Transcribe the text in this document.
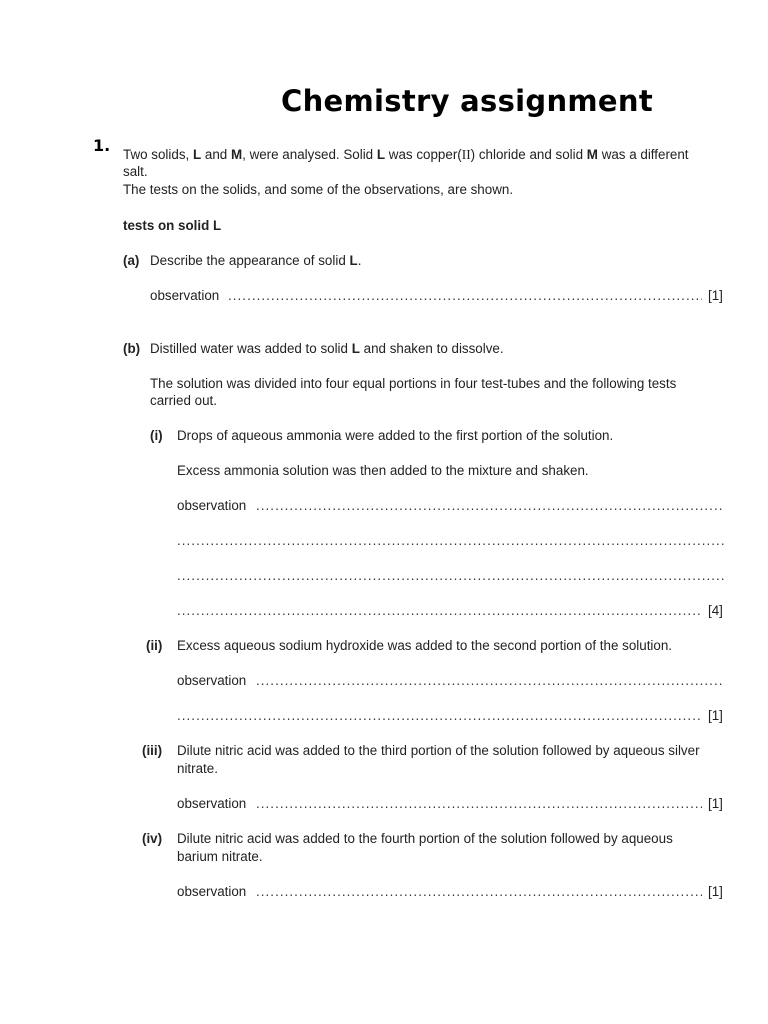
Chemistry assignment
1. Two solids, L and M, were analysed. Solid L was copper(II) chloride and solid M was a different
salt.
The tests on the solids, and some of the observations, are shown.
tests on solid L
(a) Describe the appearance of solid L.
observation .....	[1]
(b) Distilled water was added to solid L and shaken to dissolve.
The solution was divided into four equal portions in four test-tubes and the following tests
carried out.
(i) Drops of aqueous ammonia were added to the first portion of the solution.
Excess ammonia solution was then added to the mixture and shaken.
observation
.....
.....
.....
.....
[4]
(ii) Excess aqueous sodium hydroxide was added to the second portion of the solution.
observation
.....
.....
[1]
(iii) Dilute nitric acid was added to the third portion of the solution followed by aqueous silver
nitrate.
observation .....	[1]
(iv) Dilute nitric acid was added to the fourth portion of the solution followed by aqueous
barium nitrate.
observation .....	[1]
